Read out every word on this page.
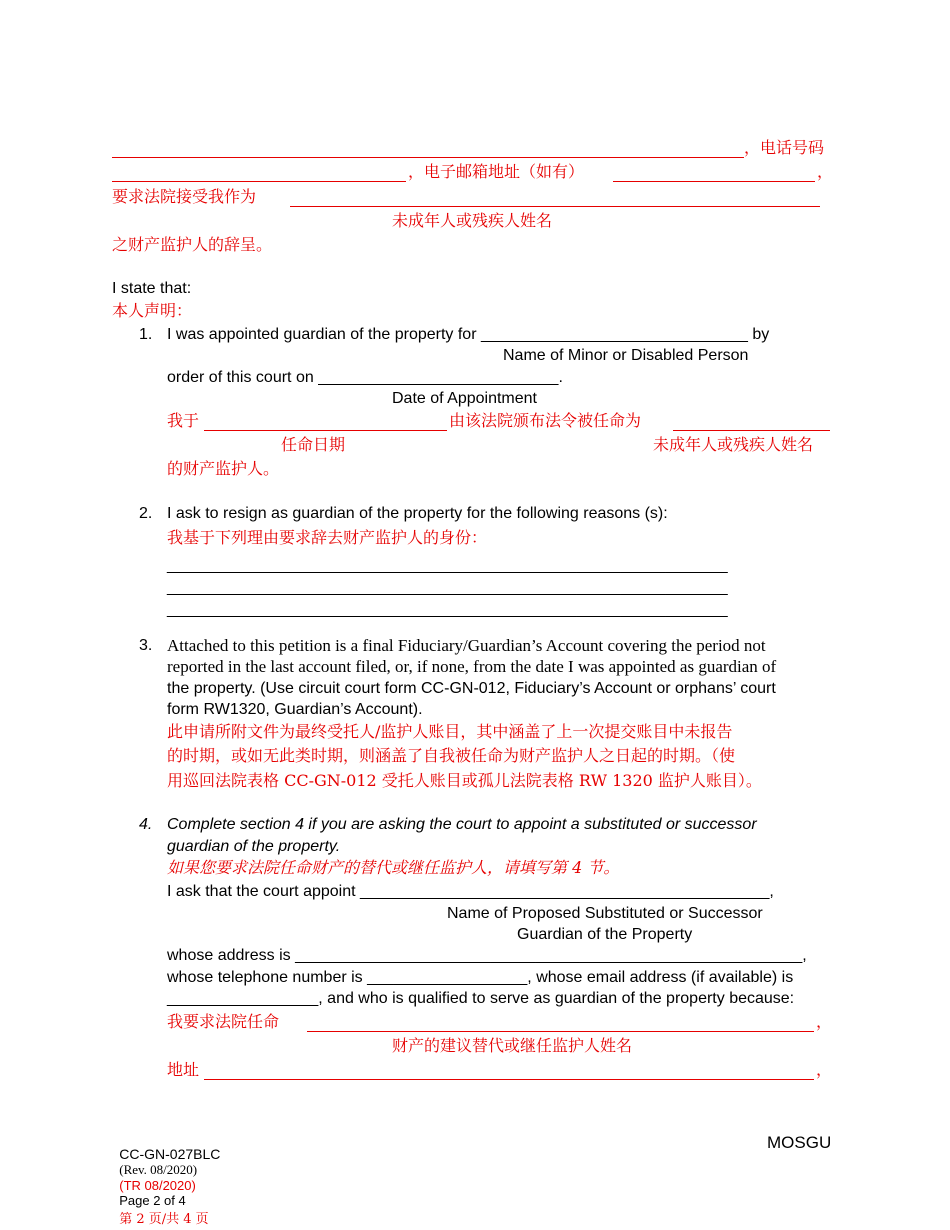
，电话号码
，电子邮箱地址（如有）	，
要求法院接受我作为
未成年人或残疾人姓名
之财产监护人的辞呈。
I state that:
本人声明：
1. I was appointed guardian of the property for ______________________________ by
Name of Minor or Disabled Person
order of this court on ___________________________.
Date of Appointment
我于	由该法院颁布法令被任命为
任命日期	未成年人或残疾人姓名
的财产监护人。
2. I ask to resign as guardian of the property for the following reasons (s):
我基于下列理由要求辞去财产监护人的身份：
_______________________________________________________________
_______________________________________________________________
_______________________________________________________________
3. Attached to this petition is a final Fiduciary/Guardian’s Account covering the period not
reported in the last account filed, or, if none, from the date I was appointed as guardian of
the property. (Use circuit court form CC-GN-012, Fiduciary’s Account or orphans’ court
form RW1320, Guardian’s Account).
此申请所附文件为最终受托人/监护人账目，其中涵盖了上一次提交账目中未报告
的时期，或如无此类时期，则涵盖了自我被任命为财产监护人之日起的时期。（使
用巡回法院表格 CC-GN-012 受托人账目或孤儿法院表格 RW 1320 监护人账目）。
4. Complete section 4 if you are asking the court to appoint a substituted or successor
guardian of the property.
如果您要求法院任命财产的替代或继任监护人，请填写第 4 节。
I ask that the court appoint ______________________________________________,
Name of Proposed Substituted or Successor
Guardian of the Property
whose address is _________________________________________________________,
whose telephone number is __________________, whose email address (if available) is
_________________, and who is qualified to serve as guardian of the property because:
我要求法院任命	，
财产的建议替代或继任监护人姓名
地址	，

CC-GN-027BLC
(Rev. 08/2020)
(TR 08/2020)
Page 2 of 4
第 2 页/共 4 页

MOSGU
